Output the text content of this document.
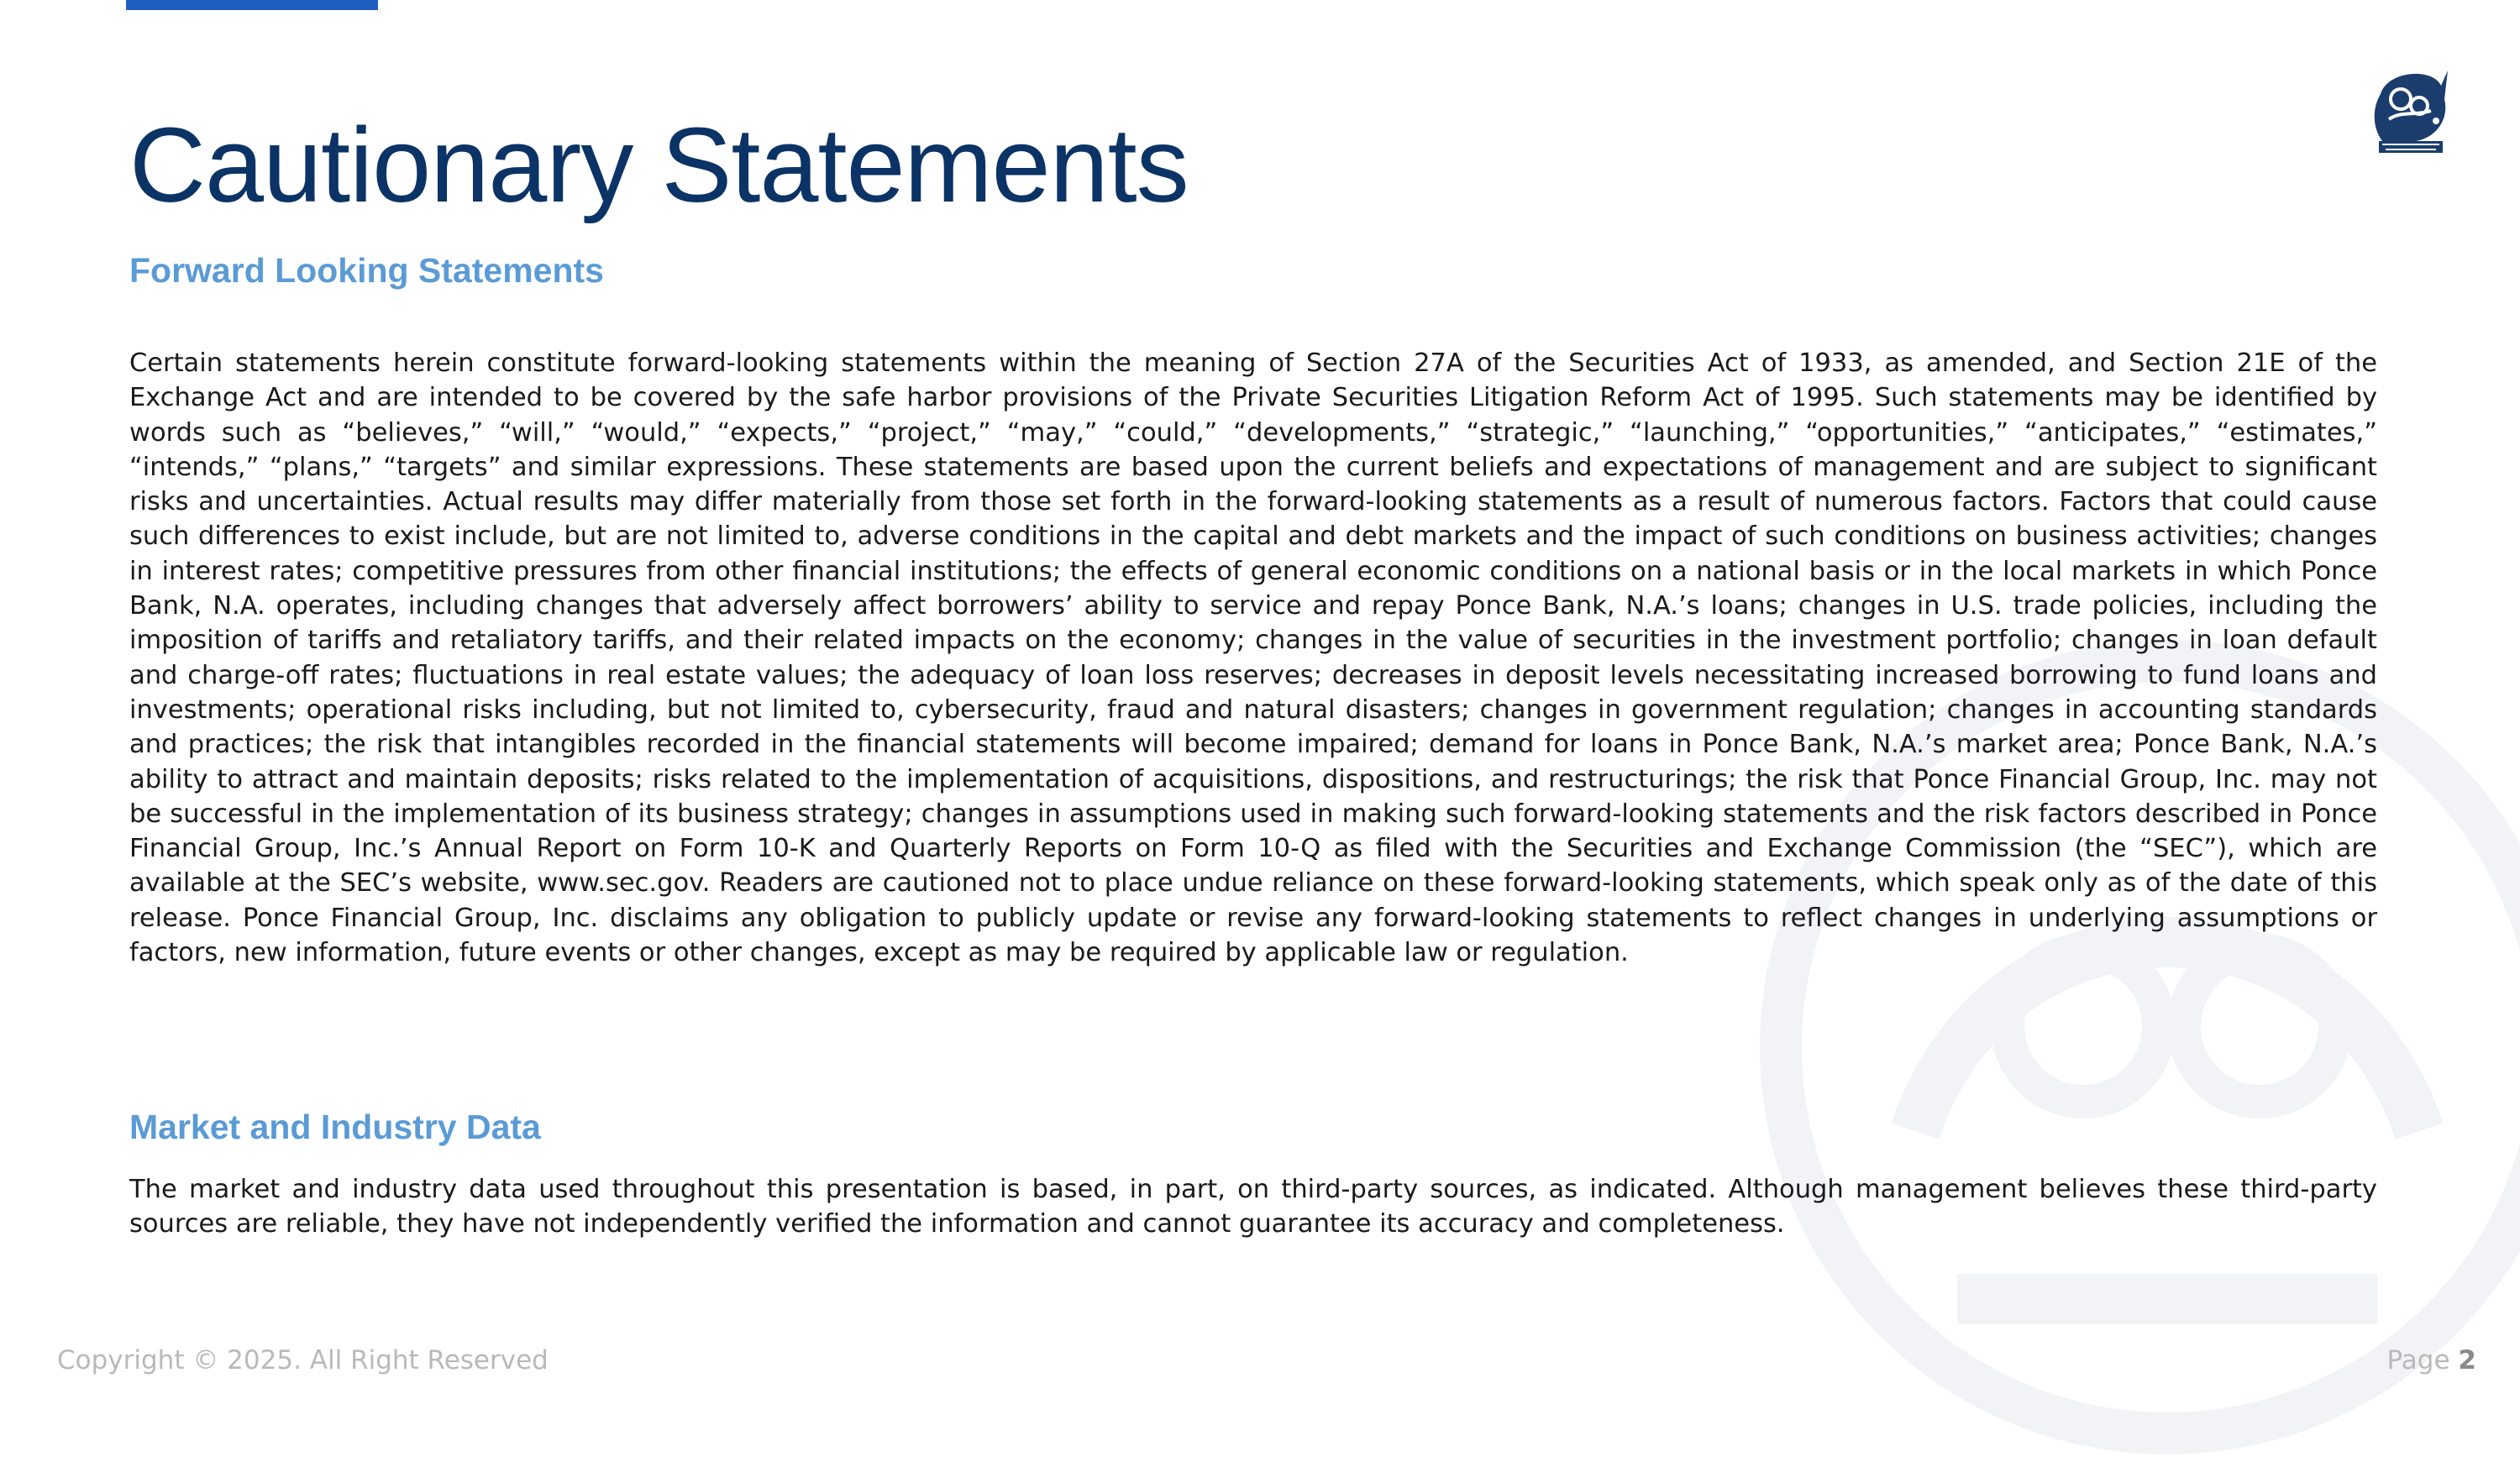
Cautionary Statements
Forward Looking Statements

Certain statements herein constitute forward-looking statements within the meaning of Section 27A of the Securities Act of 1933, as amended, and Section 21E of the Exchange Act and are intended to be covered by the safe harbor provisions of the Private Securities Litigation Reform Act of 1995. Such statements may be identified by words such as “believes,” “will,” “would,” “expects,” “project,” “may,” “could,” “developments,” “strategic,” “launching,” “opportunities,” “anticipates,” “estimates,” “intends,” “plans,” “targets” and similar expressions. These statements are based upon the current beliefs and expectations of management and are subject to significant risks and uncertainties. Actual results may differ materially from those set forth in the forward-looking statements as a result of numerous factors. Factors that could cause such differences to exist include, but are not limited to, adverse conditions in the capital and debt markets and the impact of such conditions on business activities; changes in interest rates; competitive pressures from other financial institutions; the effects of general economic conditions on a national basis or in the local markets in which Ponce Bank, N.A. operates, including changes that adversely affect borrowers’ ability to service and repay Ponce Bank, N.A.’s loans; changes in U.S. trade policies, including the imposition of tariffs and retaliatory tariffs, and their related impacts on the economy; changes in the value of securities in the investment portfolio; changes in loan default and charge-off rates; fluctuations in real estate values; the adequacy of loan loss reserves; decreases in deposit levels necessitating increased borrowing to fund loans and investments; operational risks including, but not limited to, cybersecurity, fraud and natural disasters; changes in government regulation; changes in accounting standards and practices; the risk that intangibles recorded in the financial statements will become impaired; demand for loans in Ponce Bank, N.A.’s market area; Ponce Bank, N.A.’s ability to attract and maintain deposits; risks related to the implementation of acquisitions, dispositions, and restructurings; the risk that Ponce Financial Group, Inc. may not be successful in the implementation of its business strategy; changes in assumptions used in making such forward-looking statements and the risk factors described in Ponce Financial Group, Inc.’s Annual Report on Form 10-K and Quarterly Reports on Form 10-Q as filed with the Securities and Exchange Commission (the “SEC”), which are available at the SEC’s website, www.sec.gov. Readers are cautioned not to place undue reliance on these forward-looking statements, which speak only as of the date of this release. Ponce Financial Group, Inc. disclaims any obligation to publicly update or revise any forward-looking statements to reflect changes in underlying assumptions or factors, new information, future events or other changes, except as may be required by applicable law or regulation.

Market and Industry Data

The market and industry data used throughout this presentation is based, in part, on third-party sources, as indicated. Although management believes these third-party sources are reliable, they have not independently verified the information and cannot guarantee its accuracy and completeness.

Copyright © 2025. All Right Reserved	Page 2
